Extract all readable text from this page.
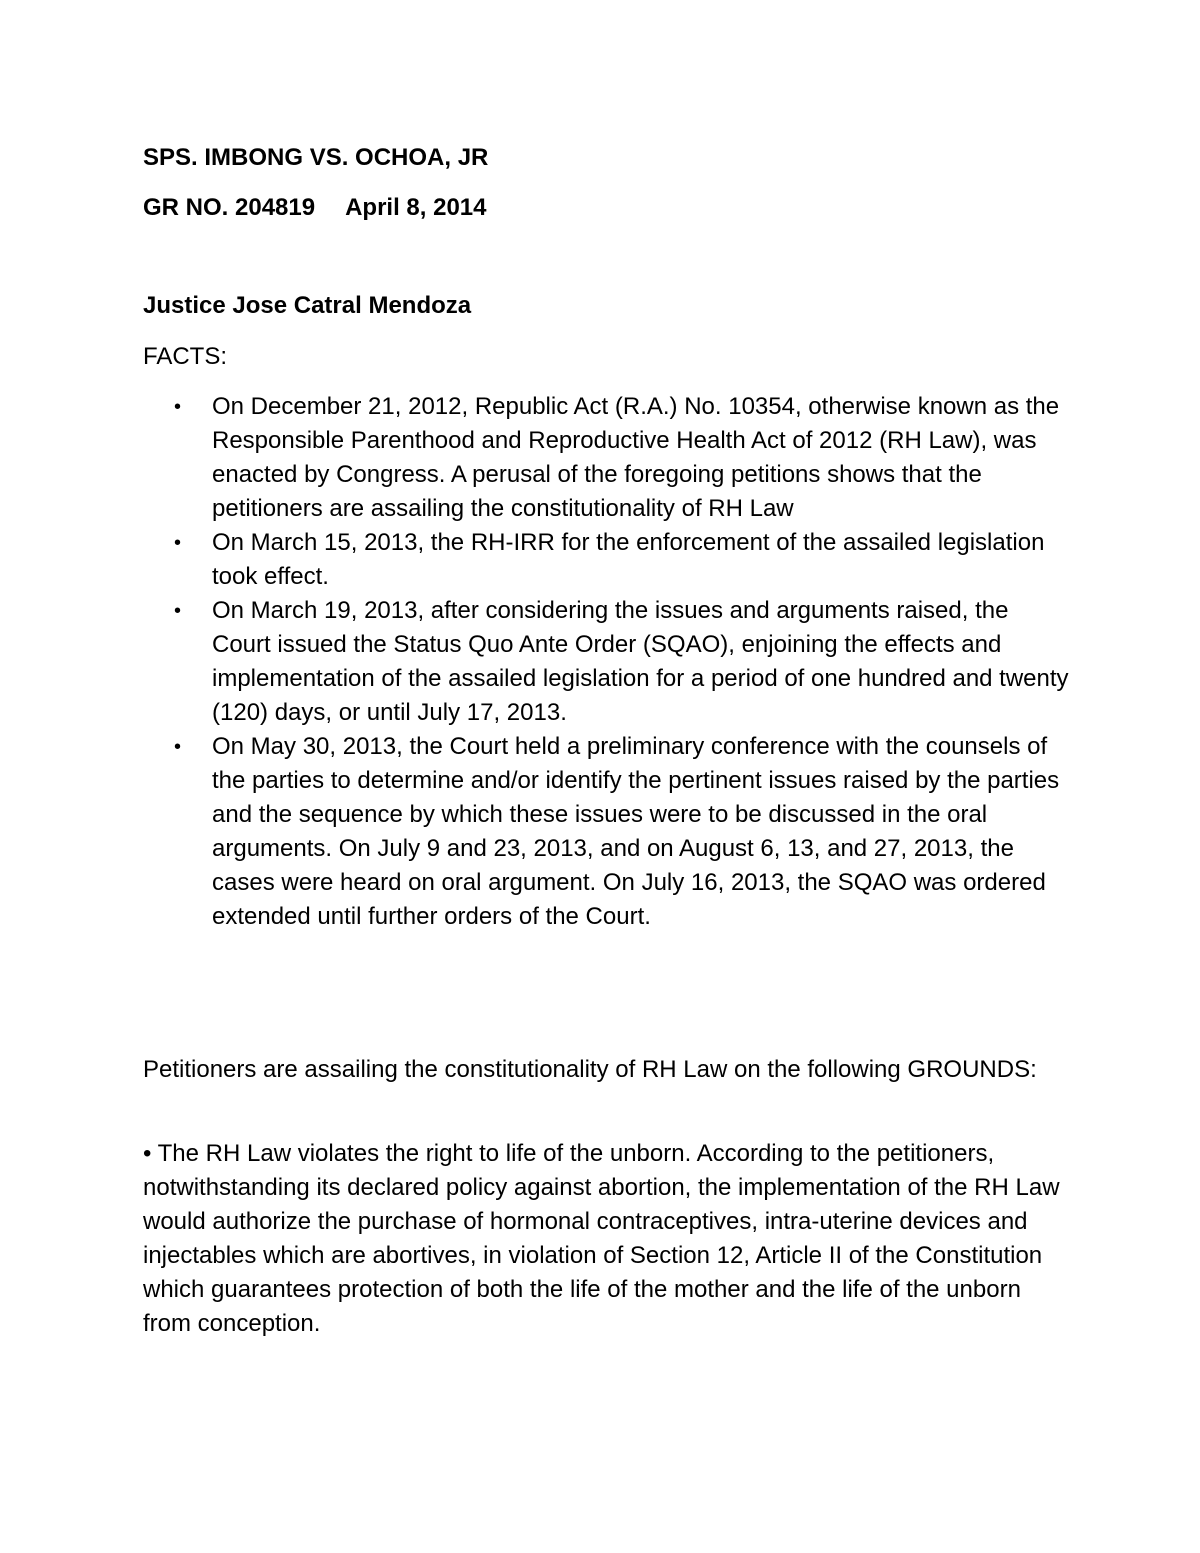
SPS. IMBONG VS. OCHOA, JR
GR NO. 204819 April 8, 2014
Justice Jose Catral Mendoza
FACTS:
• On December 21, 2012, Republic Act (R.A.) No. 10354, otherwise known as the Responsible Parenthood and Reproductive Health Act of 2012 (RH Law), was enacted by Congress. A perusal of the foregoing petitions shows that the petitioners are assailing the constitutionality of RH Law
• On March 15, 2013, the RH-IRR for the enforcement of the assailed legislation took effect.
• On March 19, 2013, after considering the issues and arguments raised, the Court issued the Status Quo Ante Order (SQAO), enjoining the effects and implementation of the assailed legislation for a period of one hundred and twenty (120) days, or until July 17, 2013.
• On May 30, 2013, the Court held a preliminary conference with the counsels of the parties to determine and/or identify the pertinent issues raised by the parties and the sequence by which these issues were to be discussed in the oral arguments. On July 9 and 23, 2013, and on August 6, 13, and 27, 2013, the cases were heard on oral argument. On July 16, 2013, the SQAO was ordered extended until further orders of the Court.
Petitioners are assailing the constitutionality of RH Law on the following GROUNDS:
• The RH Law violates the right to life of the unborn. According to the petitioners, notwithstanding its declared policy against abortion, the implementation of the RH Law would authorize the purchase of hormonal contraceptives, intra-uterine devices and injectables which are abortives, in violation of Section 12, Article II of the Constitution which guarantees protection of both the life of the mother and the life of the unborn from conception.
